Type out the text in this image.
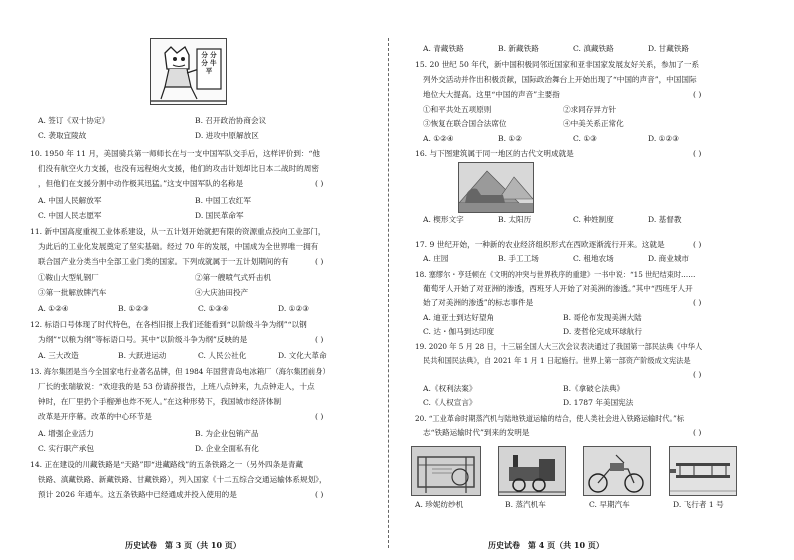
分 分 分 牛 平
A. 签订《双十协定》	B. 召开政治协商会议
C. 袭取宜陵故	D. 进攻中原解放区
10. 1950 年 11 月，美国骑兵第一师师长在与一支中国军队交手后，这样评价到：“他
们没有航空火力支援，也没有远程炮火支援，他们的攻击计划却比日本二战时的周密
，但他们在支援分割中动作极其迅猛。”这支中国军队的名称是	( )
A. 中国人民解放军	B. 中国工农红军
C. 中国人民志愿军	D. 国民革命军
11. 新中国高度重视工业体系建设，从一五计划开始就把有限的资源重点投向工业部门，
为此后的工业化发展奠定了坚实基础。经过 70 年的发展，中国成为全世界唯一拥有
联合国产业分类当中全部工业门类的国家。下列成就属于一五计划期间的有	( )
①鞍山大型轧钢厂	②第一艘喷气式歼击机
③第一批解放牌汽车	④大庆油田投产
A. ①②④	B. ①②③	C. ①③④	D. ①②③
12. 标语口号体现了时代特色，在各档旧报上我们还能看到“以阶级斗争为纲”“以钢
为纲”“以粮为纲”等标语口号。其中“以阶级斗争为纲”反映的是	( )
A. 三大改造	B. 大跃进运动	C. 人民公社化	D. 文化大革命
13. 海尔集团是当今全国家电行业著名品牌，但 1984 年国营青岛电冰箱厂（海尔集团前身）
厂长的张瑞敏说：“欢迎我的是 53 份请辞报告，上班八点钟来，九点钟走人，十点
钟时，在厂里扔个手榴弹也炸不死人。”在这种形势下，我国城市经济体制
改革是开序幕。改革的中心环节是	( )
A. 增强企业活力	B. 为企业包销产品
C. 实行职产承包	D. 企业全面私有化
14. 正在建设的川藏铁路是“天路”即“进藏路线”的五条铁路之一（另外四条是青藏
铁路、滇藏铁路、新藏铁路、甘藏铁路），列入国家《十二五综合交通运输体系规划》，
预计 2026 年通车。这五条铁路中已经通成并投入使用的是	( )
历史试卷　第 3 页（共 10 页）
A. 青藏铁路	B. 新藏铁路	C. 滇藏铁路	D. 甘藏铁路
15. 20 世纪 50 年代，新中国积极同邻近国家和亚非国家发展友好关系，参加了一系
列外交活动并作出积极贡献，国际政治舞台上开始出现了“中国的声音”，中国国际
地位大大提高。这里“中国的声音”主要指	( )
①和平共处五项原则	②求同存异方针
③恢复在联合国合法席位	④中美关系正常化
A. ①②④	B. ①②	C. ①③	D. ①②③
16. 与下图建筑属于同一地区的古代文明成就是	( )
A. 楔形文字	B. 太阳历	C. 种姓制度	D. 基督教
17. 9 世纪开始，一种新的农业经济组织形式在西欧逐渐流行开来。这就是	( )
A. 庄园	B. 手工工场	C. 租地农场	D. 商业城市
18. 塞缪尔・亨廷顿在《文明的冲突与世界秩序的重建》一书中说：“15 世纪结束时……
葡萄牙人开始了对亚洲的渗透，西班牙人开始了对美洲的渗透。”其中“西班牙人开
始了对美洲的渗透”的标志事件是	( )
A. 迪亚士到达好望角	B. 哥伦布发现美洲大陆
C. 达・伽马到达印度	D. 麦哲伦完成环球航行
19. 2020 年 5 月 28 日，十三届全国人大三次会议表决通过了我国第一部民法典《中华人
民共和国民法典》，自 2021 年 1 月 1 日起施行。世界上第一部资产阶级成文宪法是
( )
A.《权利法案》	B.《拿破仑法典》
C.《人权宣言》	D. 1787 年美国宪法
20. “工业革命时期蒸汽机与陆地铁道运输的结合，使人类社会进入铁路运输时代。”标
志“铁路运输时代”到来的发明是	( )
A. 珍妮纺纱机	B. 蒸汽机车	C. 早期汽车	D. 飞行者 1 号
历史试卷　第 4 页（共 10 页）
